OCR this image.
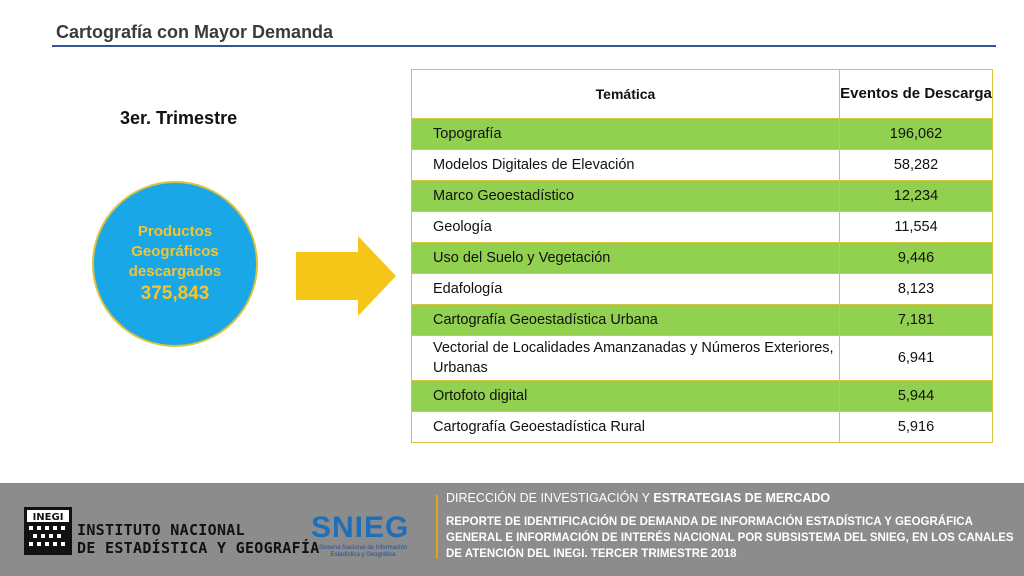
Cartografía con Mayor Demanda
3er. Trimestre
Productos Geográficos descargados
375,843
Temática	Eventos de Descarga
Topografía	196,062
Modelos Digitales de Elevación	58,282
Marco Geoestadístico	12,234
Geología	11,554
Uso del Suelo y Vegetación	9,446
Edafología	8,123
Cartografía Geoestadística Urbana	7,181
Vectorial de Localidades Amanzanadas y Números Exteriores, Urbanas	6,941
Ortofoto digital	5,944
Cartografía Geoestadística Rural	5,916
INEGI
INSTITUTO NACIONAL
DE ESTADÍSTICA Y GEOGRAFÍA
SNIEG
Sistema Nacional de Información Estadística y Geográfica
DIRECCIÓN DE INVESTIGACIÓN Y ESTRATEGIAS DE MERCADO
REPORTE DE IDENTIFICACIÓN DE DEMANDA DE INFORMACIÓN ESTADÍSTICA Y GEOGRÁFICA GENERAL E INFORMACIÓN DE INTERÉS NACIONAL POR SUBSISTEMA DEL SNIEG, EN LOS CANALES DE ATENCIÓN DEL INEGI. TERCER TRIMESTRE 2018
